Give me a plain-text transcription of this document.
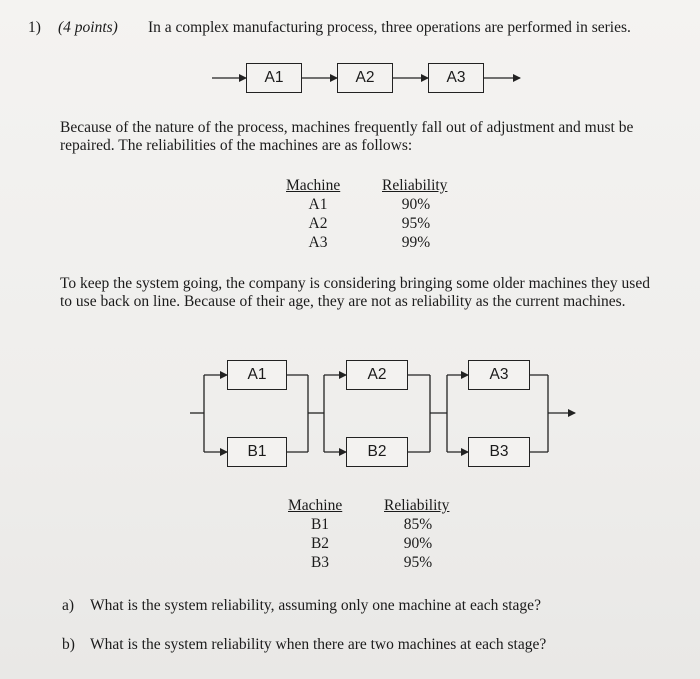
1) (4 points) In a complex manufacturing process, three operations are performed in series.
A1	A2	A3
Because of the nature of the process, machines frequently fall out of adjustment and must be repaired. The reliabilities of the machines are as follows:
Machine	Reliability
A1	90%
A2	95%
A3	99%
To keep the system going, the company is considering bringing some older machines they used to use back on line. Because of their age, they are not as reliability as the current machines.
A1	A2	A3
B1	B2	B3
Machine	Reliability
B1	85%
B2	90%
B3	95%
a) What is the system reliability, assuming only one machine at each stage?
b) What is the system reliability when there are two machines at each stage?
